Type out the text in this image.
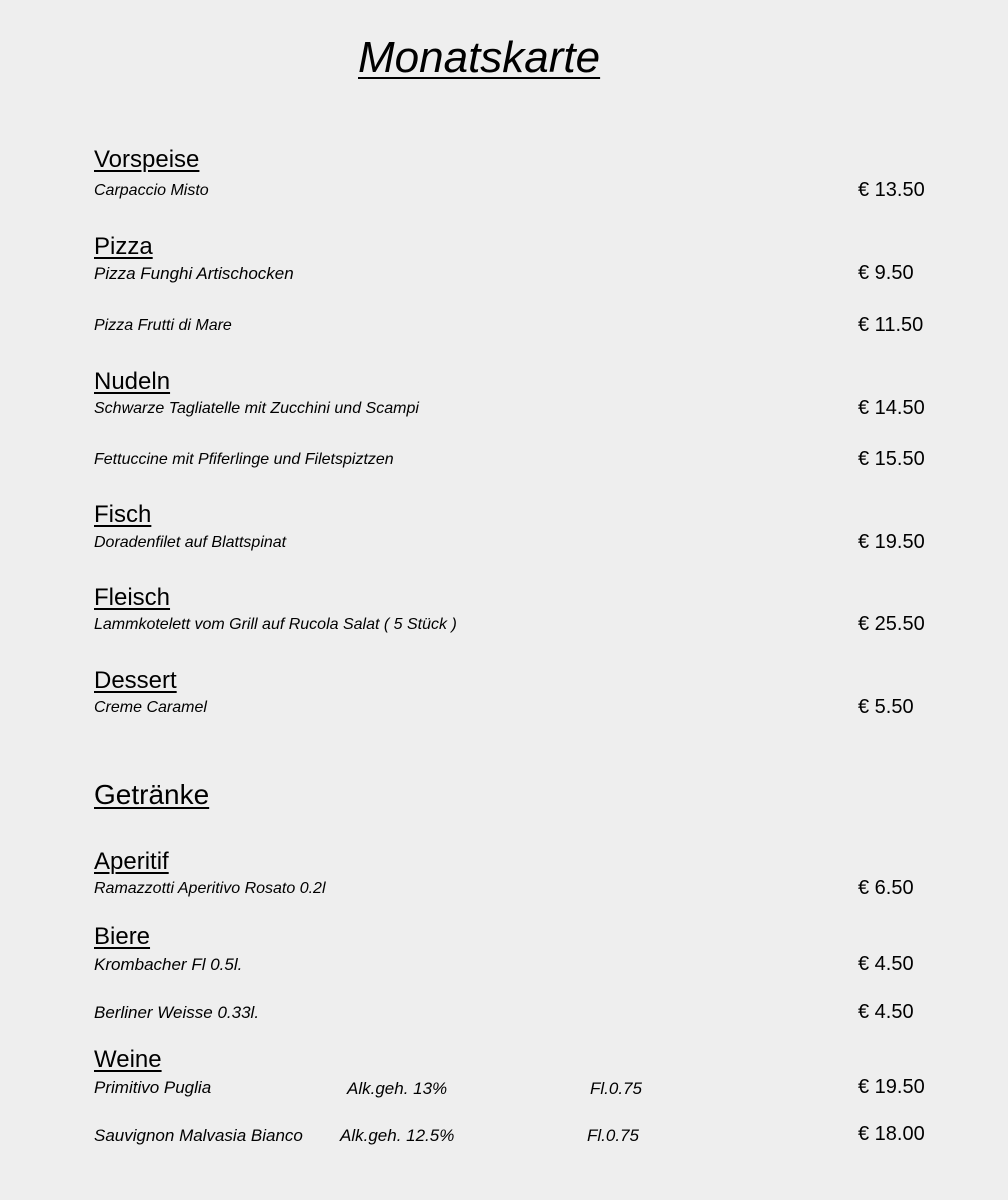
Monatskarte
Vorspeise
Carpaccio Misto	€ 13.50
Pizza
Pizza Funghi Artischocken	€ 9.50
Pizza Frutti di Mare	€ 11.50
Nudeln
Schwarze Tagliatelle mit Zucchini und Scampi	€ 14.50
Fettuccine mit Pfiferlinge und Filetspiztzen	€ 15.50
Fisch
Doradenfilet auf Blattspinat	€ 19.50
Fleisch
Lammkotelett vom Grill auf Rucola Salat ( 5 Stück )	€ 25.50
Dessert
Creme Caramel	€ 5.50
Getränke
Aperitif
Ramazzotti Aperitivo Rosato 0.2l	€ 6.50
Biere
Krombacher Fl 0.5l.	€ 4.50
Berliner Weisse 0.33l.	€ 4.50
Weine
Primitivo Puglia	Alk.geh. 13%	Fl.0.75	€ 19.50
Sauvignon Malvasia Bianco Alk.geh. 12.5%	Fl.0.75	€ 18.00
